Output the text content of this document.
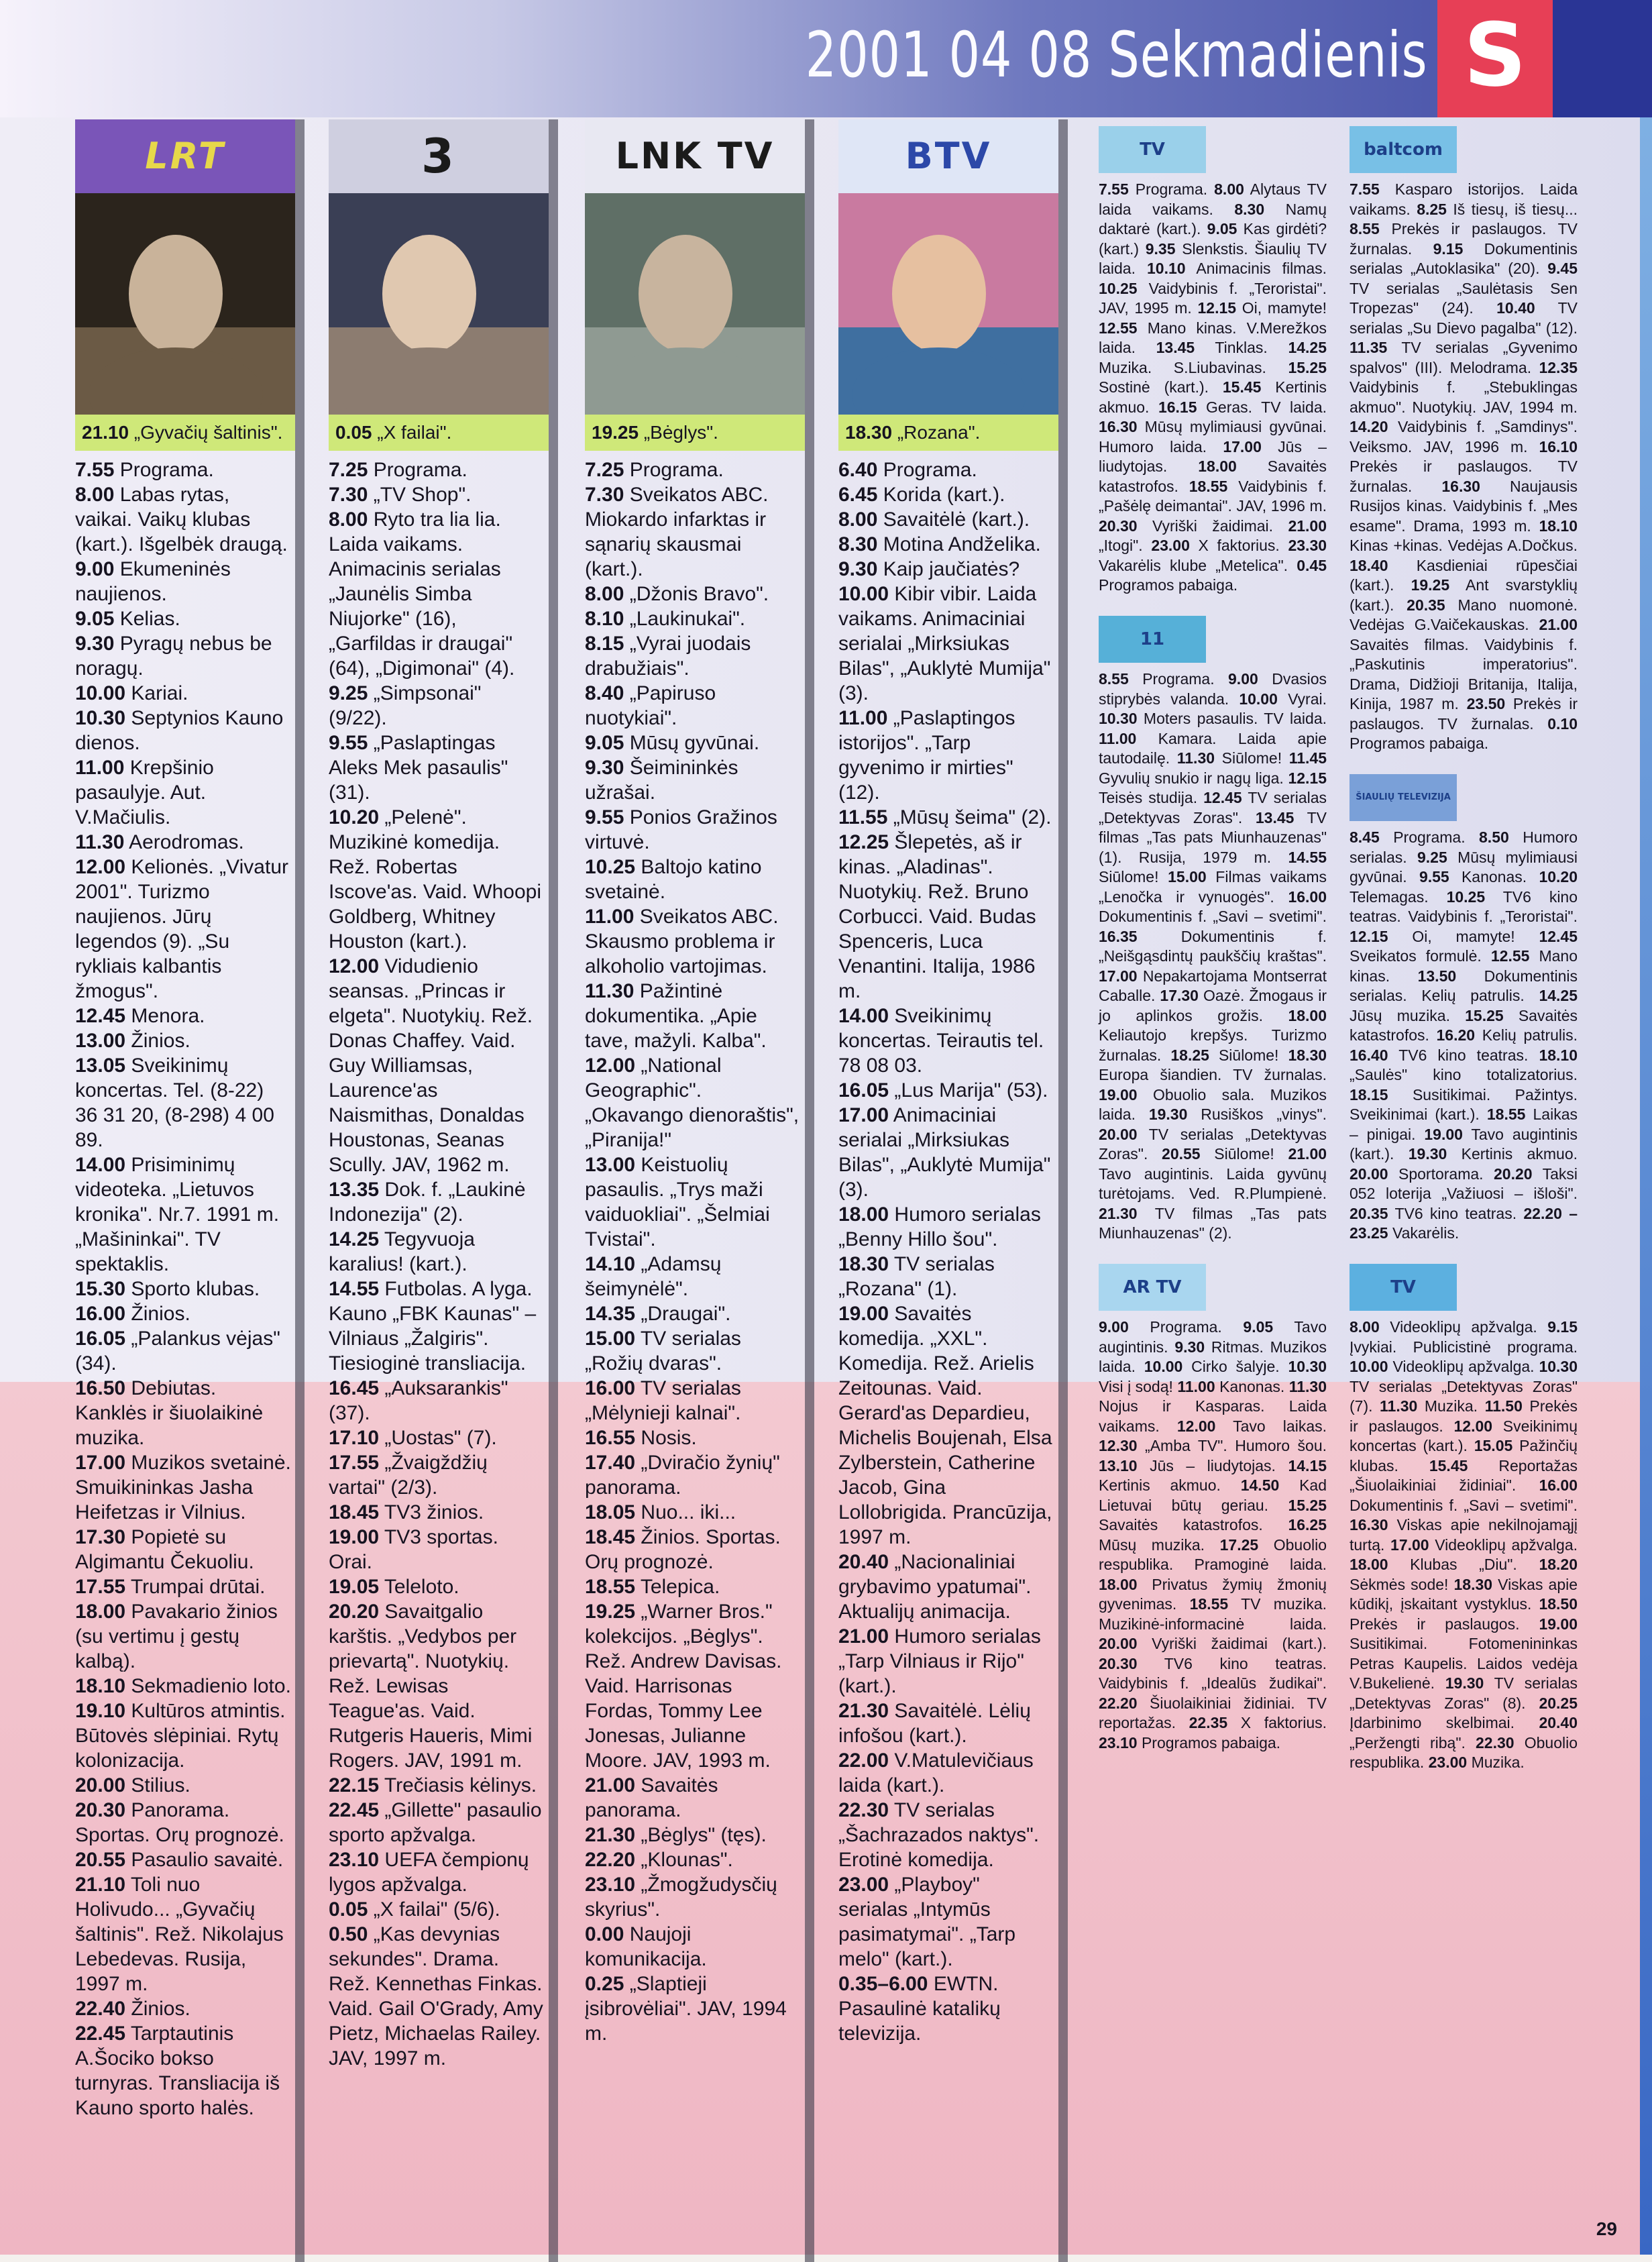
2001 04 08 Sekmadienis S
LRT
21.10 „Gyvačių šaltinis".
7.55 Programa.
8.00 Labas rytas, vaikai. Vaikų klubas (kart.). Išgelbėk draugą.
9.00 Ekumeninės naujienos.
9.05 Kelias.
9.30 Pyragų nebus be noragų.
10.00 Kariai.
10.30 Septynios Kauno dienos.
11.00 Krepšinio pasaulyje. Aut. V.Mačiulis.
11.30 Aerodromas.
12.00 Kelionės. „Vivatur 2001". Turizmo naujienos. Jūrų legendos (9). „Su rykliais kalbantis žmogus".
12.45 Menora.
13.00 Žinios.
13.05 Sveikinimų koncertas. Tel. (8-22) 36 31 20, (8-298) 4 00 89.
14.00 Prisiminimų videoteka. „Lietuvos kronika". Nr.7. 1991 m. „Mašininkai". TV spektaklis.
15.30 Sporto klubas.
16.00 Žinios.
16.05 „Palankus vėjas" (34).
16.50 Debiutas. Kanklės ir šiuolaikinė muzika.
17.00 Muzikos svetainė. Smuikininkas Jasha Heifetzas ir Vilnius.
17.30 Popietė su Algimantu Čekuoliu.
17.55 Trumpai drūtai.
18.00 Pavakario žinios (su vertimu į gestų kalbą).
18.10 Sekmadienio loto.
19.10 Kultūros atmintis. Būtovės slėpiniai. Rytų kolonizacija.
20.00 Stilius.
20.30 Panorama. Sportas. Orų prognozė.
20.55 Pasaulio savaitė.
21.10 Toli nuo Holivudo... „Gyvačių šaltinis". Rež. Nikolajus Lebedevas. Rusija, 1997 m.
22.40 Žinios.
22.45 Tarptautinis A.Šociko bokso turnyras. Transliacija iš Kauno sporto halės.
3
0.05 „X failai".
7.25 Programa.
7.30 „TV Shop".
8.00 Ryto tra lia lia. Laida vaikams. Animacinis serialas „Jaunėlis Simba Niujorke" (16), „Garfildas ir draugai" (64), „Digimonai" (4).
9.25 „Simpsonai" (9/22).
9.55 „Paslaptingas Aleks Mek pasaulis" (31).
10.20 „Pelenė". Muzikinė komedija. Rež. Robertas Iscove'as. Vaid. Whoopi Goldberg, Whitney Houston (kart.).
12.00 Vidudienio seansas. „Princas ir elgeta". Nuotykių. Rež. Donas Chaffey. Vaid. Guy Williamsas, Laurence'as Naismithas, Donaldas Houstonas, Seanas Scully. JAV, 1962 m.
13.35 Dok. f. „Laukinė Indonezija" (2).
14.25 Tegyvuoja karalius! (kart.).
14.55 Futbolas. A lyga. Kauno „FBK Kaunas" – Vilniaus „Žalgiris". Tiesioginė transliacija.
16.45 „Auksarankis" (37).
17.10 „Uostas" (7).
17.55 „Žvaigždžių vartai" (2/3).
18.45 TV3 žinios.
19.00 TV3 sportas. Orai.
19.05 Teleloto.
20.20 Savaitgalio karštis. „Vedybos per prievartą". Nuotykių. Rež. Lewisas Teague'as. Vaid. Rutgeris Haueris, Mimi Rogers. JAV, 1991 m.
22.15 Trečiasis kėlinys.
22.45 „Gillette" pasaulio sporto apžvalga.
23.10 UEFA čempionų lygos apžvalga.
0.05 „X failai" (5/6).
0.50 „Kas devynias sekundes". Drama. Rež. Kennethas Finkas. Vaid. Gail O'Grady, Amy Pietz, Michaelas Railey. JAV, 1997 m.
LNK TV
19.25 „Bėglys".
7.25 Programa.
7.30 Sveikatos ABC. Miokardo infarktas ir sąnarių skausmai (kart.).
8.00 „Džonis Bravo".
8.10 „Laukinukai".
8.15 „Vyrai juodais drabužiais".
8.40 „Papiruso nuotykiai".
9.05 Mūsų gyvūnai.
9.30 Šeimininkės užrašai.
9.55 Ponios Gražinos virtuvė.
10.25 Baltojo katino svetainė.
11.00 Sveikatos ABC. Skausmo problema ir alkoholio vartojimas.
11.30 Pažintinė dokumentika. „Apie tave, mažyli. Kalba".
12.00 „National Geographic". „Okavango dienoraštis", „Piranija!"
13.00 Keistuolių pasaulis. „Trys maži vaiduokliai". „Šelmiai Tvistai".
14.10 „Adamsų šeimynėlė".
14.35 „Draugai".
15.00 TV serialas „Rožių dvaras".
16.00 TV serialas „Mėlynieji kalnai".
16.55 Nosis.
17.40 „Dviračio žynių" panorama.
18.05 Nuo... iki...
18.45 Žinios. Sportas. Orų prognozė.
18.55 Telepica.
19.25 „Warner Bros." kolekcijos. „Bėglys". Rež. Andrew Davisas. Vaid. Harrisonas Fordas, Tommy Lee Jonesas, Julianne Moore. JAV, 1993 m.
21.00 Savaitės panorama.
21.30 „Bėglys" (tęs).
22.20 „Klounas".
23.10 „Žmogžudysčių skyrius".
0.00 Naujoji komunikacija.
0.25 „Slaptieji įsibrovėliai". JAV, 1994 m.
BTV
18.30 „Rozana".
6.40 Programa.
6.45 Korida (kart.).
8.00 Savaitėlė (kart.).
8.30 Motina Andželika.
9.30 Kaip jaučiatės?
10.00 Kibir vibir. Laida vaikams. Animaciniai serialai „Mirksiukas Bilas", „Auklytė Mumija" (3).
11.00 „Paslaptingos istorijos". „Tarp gyvenimo ir mirties" (12).
11.55 „Mūsų šeima" (2).
12.25 Šlepetės, aš ir kinas. „Aladinas". Nuotykių. Rež. Bruno Corbucci. Vaid. Budas Spenceris, Luca Venantini. Italija, 1986 m.
14.00 Sveikinimų koncertas. Teirautis tel. 78 08 03.
16.05 „Lus Marija" (53).
17.00 Animaciniai serialai „Mirksiukas Bilas", „Auklytė Mumija" (3).
18.00 Humoro serialas „Benny Hillo šou".
18.30 TV serialas „Rozana" (1).
19.00 Savaitės komedija. „XXL". Komedija. Rež. Arielis Zeitounas. Vaid. Gerard'as Depardieu, Michelis Boujenah, Elsa Zylberstein, Catherine Jacob, Gina Lollobrigida. Prancūzija, 1997 m.
20.40 „Nacionaliniai grybavimo ypatumai". Aktualijų animacija.
21.00 Humoro serialas „Tarp Vilniaus ir Rijo" (kart.).
21.30 Savaitėlė. Lėlių infošou (kart.).
22.00 V.Matulevičiaus laida (kart.).
22.30 TV serialas „Šachrazados naktys". Erotinė komedija.
23.00 „Playboy" serialas „Intymūs pasimatymai". „Tarp melo" (kart.).
0.35–6.00 EWTN. Pasaulinė katalikų televizija.
TV

7.55 Programa. 8.00 Alytaus TV laida vaikams. 8.30 Namų daktarė (kart.). 9.05 Kas girdėti? (kart.) 9.35 Slenkstis. Šiaulių TV laida. 10.10 Animacinis filmas. 10.25 Vaidybinis f. „Teroristai". JAV, 1995 m. 12.15 Oi, mamyte! 12.55 Mano kinas. V.Merežkos laida. 13.45 Tinklas. 14.25 Muzika. S.Liubavinas. 15.25 Sostinė (kart.). 15.45 Kertinis akmuo. 16.15 Geras. TV laida. 16.30 Mūsų mylimiausi gyvūnai. Humoro laida. 17.00 Jūs – liudytojas. 18.00 Savaitės katastrofos. 18.55 Vaidybinis f. „Pašėlę deimantai". JAV, 1996 m. 20.30 Vyriški žaidimai. 21.00 „Itogi". 23.00 X faktorius. 23.30 Vakarėlis klube „Metelica". 0.45 Programos pabaiga.

11

8.55 Programa. 9.00 Dvasios stiprybės valanda. 10.00 Vyrai. 10.30 Moters pasaulis. TV laida. 11.00 Kamara. Laida apie tautodailę. 11.30 Siūlome! 11.45 Gyvulių snukio ir nagų liga. 12.15 Teisės studija. 12.45 TV serialas „Detektyvas Zoras". 13.45 TV filmas „Tas pats Miunhauzenas" (1). Rusija, 1979 m. 14.55 Siūlome! 15.00 Filmas vaikams „Lenočka ir vynuogės". 16.00 Dokumentinis f. „Savi – svetimi". 16.35	Dokumentinis f. „Neišgąsdintų paukščių kraštas". 17.00 Nepakartojama Montserrat Caballe. 17.30 Oazė. Žmogaus ir jo aplinkos grožis. 18.00 Keliautojo krepšys. Turizmo žurnalas. 18.25 Siūlome! 18.30 Europa šiandien. TV žurnalas. 19.00 Obuolio sala. Muzikos laida. 19.30 Rusiškos „vinys". 20.00 TV serialas „Detektyvas Zoras". 20.55 Siūlome! 21.00 Tavo augintinis. Laida gyvūnų turėtojams. Ved. R.Plumpienė. 21.30 TV filmas „Tas pats Miunhauzenas" (2).

AR TV

9.00 Programa. 9.05 Tavo augintinis. 9.30 Ritmas. Muzikos laida. 10.00 Cirko šalyje. 10.30 Visi į sodą! 11.00 Kanonas. 11.30 Nojus ir Kasparas. Laida vaikams. 12.00 Tavo laikas. 12.30 „Amba TV". Humoro šou. 13.10 Jūs – liudytojas. 14.15 Kertinis akmuo. 14.50 Kad Lietuvai būtų geriau. 15.25 Savaitės katastrofos. 16.25 Mūsų muzika. 17.25 Obuolio respublika. Pramoginė laida. 18.00 Privatus žymių žmonių gyvenimas. 18.55 TV muzika. Muzikinė-informacinė laida. 20.00 Vyriški žaidimai (kart.). 20.30 TV6 kino teatras. Vaidybinis f. „Idealūs žudikai". 22.20 Šiuolaikiniai židiniai. TV reportažas. 22.35 X faktorius. 23.10 Programos pabaiga.

baltcom

7.55 Kasparo istorijos. Laida vaikams. 8.25 Iš tiesų, iš tiesų... 8.55 Prekės ir paslaugos. TV žurnalas. 9.15 Dokumentinis serialas „Autoklasika" (20). 9.45 TV serialas „Saulėtasis Sen Tropezas" (24). 10.40 TV serialas „Su Dievo pagalba" (12). 11.35 TV serialas „Gyvenimo spalvos" (III). Melodrama. 12.35 Vaidybinis f. „Stebuklingas akmuo". Nuotykių. JAV, 1994 m. 14.20 Vaidybinis f. „Samdinys". Veiksmo. JAV, 1996 m. 16.10 Prekės ir paslaugos. TV žurnalas. 16.30 Naujausis Rusijos kinas. Vaidybinis f. „Mes esame". Drama, 1993 m. 18.10 Kinas +kinas. Vedėjas A.Dočkus. 18.40 Kasdieniai rūpesčiai (kart.). 19.25 Ant svarstyklių (kart.). 20.35 Mano nuomonė. Vedėjas G.Vaičekauskas. 21.00 Savaitės filmas. Vaidybinis f. „Paskutinis imperatorius". Drama, Didžioji Britanija, Italija, Kinija, 1987 m. 23.50 Prekės ir paslaugos. TV žurnalas. 0.10 Programos pabaiga.

ŠIAULIŲ TELEVIZIJA

8.45 Programa. 8.50 Humoro serialas. 9.25 Mūsų mylimiausi gyvūnai. 9.55 Kanonas. 10.20 Telemagas. 10.25 TV6 kino teatras. Vaidybinis f. „Teroristai". 12.15 Oi, mamyte! 12.45 Sveikatos formulė. 12.55 Mano kinas. 13.50 Dokumentinis serialas. Kelių patrulis. 14.25 Jūsų muzika. 15.25 Savaitės katastrofos. 16.20 Kelių patrulis. 16.40 TV6 kino teatras. 18.10 „Saulės" kino totalizatorius. 18.15 Susitikimai. Pažintys. Sveikinimai (kart.). 18.55 Laikas – pinigai. 19.00 Tavo augintinis (kart.). 19.30 Kertinis akmuo. 20.00 Sportorama. 20.20 Taksi 052 loterija „Važiuosi – išloši". 20.35 TV6 kino teatras. 22.20 – 23.25 Vakarėlis.

TV

8.00 Videoklipų apžvalga. 9.15 Įvykiai. Publicistinė programa. 10.00 Videoklipų apžvalga. 10.30 TV serialas „Detektyvas Zoras" (7). 11.30 Muzika. 11.50 Prekės ir paslaugos. 12.00 Sveikinimų koncertas (kart.). 15.05 Pažinčių klubas. 15.45 Reportažas „Šiuolaikiniai židiniai". 16.00 Dokumentinis f. „Savi – svetimi". 16.30 Viskas apie nekilnojamąjį turtą. 17.00 Videoklipų apžvalga. 18.00 Klubas „Diu". 18.20 Sėkmės sode! 18.30 Viskas apie kūdikį, įskaitant vystyklus. 18.50 Prekės ir paslaugos. 19.00 Susitikimai. Fotomenininkas Petras Kaupelis. Laidos vedėja V.Bukelienė. 19.30 TV serialas „Detektyvas Zoras" (8). 20.25 Įdarbinimo skelbimai. 20.40 „Peržengti ribą". 22.30 Obuolio respublika. 23.00 Muzika.

29
